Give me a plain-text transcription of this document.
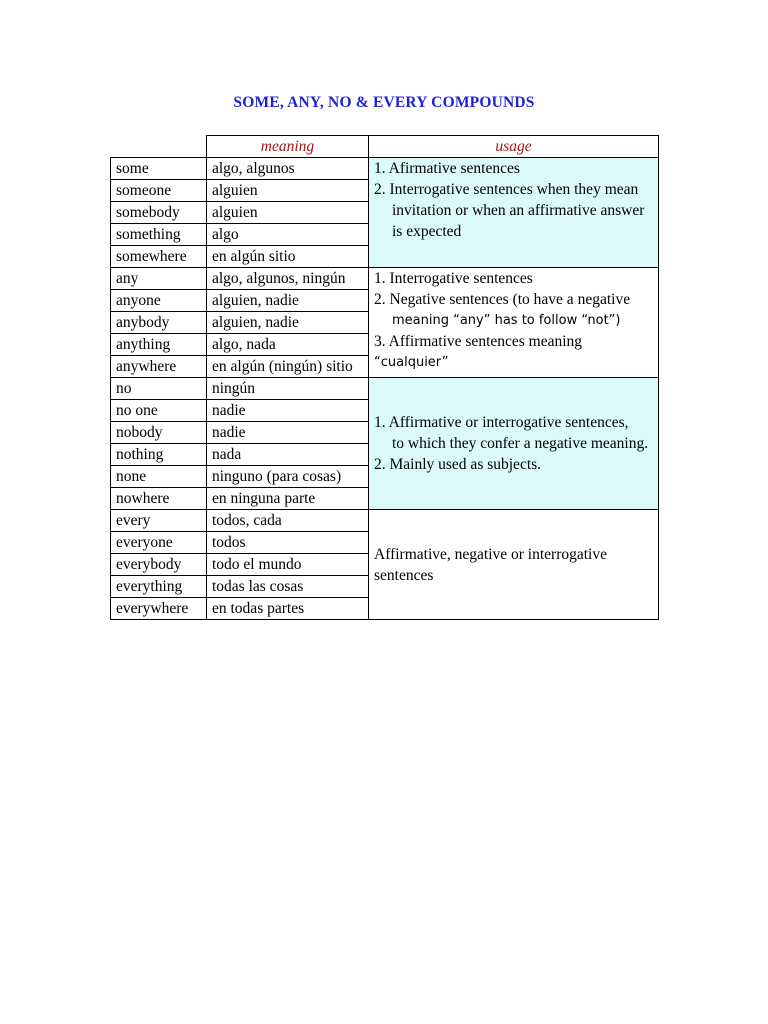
SOME, ANY, NO & EVERY COMPOUNDS
	meaning	usage
some	algo, algunos	1. Afirmative sentences
2. Interrogative sentences when they mean
invitation or when an affirmative answer
is expected

someone	alguien	
somebody	alguien	
something	algo	
somewhere	en algún sitio	
any	algo, algunos, ningún	1. Interrogative sentences
2. Negative sentences (to have a negative
meaning “any” has to follow “not”)
3. Affirmative sentences meaning
“cualquier”

anyone	alguien, nadie	
anybody	alguien, nadie	
anything	algo, nada	
anywhere	en algún (ningún) sitio	
no	ningún	1. Affirmative or interrogative sentences,
to which they confer a negative meaning.
2. Mainly used as subjects.

no one	nadie	
nobody	nadie	
nothing	nada	
none	ninguno (para cosas)	
nowhere	en ninguna parte	
every	todos, cada	Affirmative, negative or interrogative sentences

everyone	todos	
everybody	todo el mundo	
everything	todas las cosas	
everywhere	en todas partes	
